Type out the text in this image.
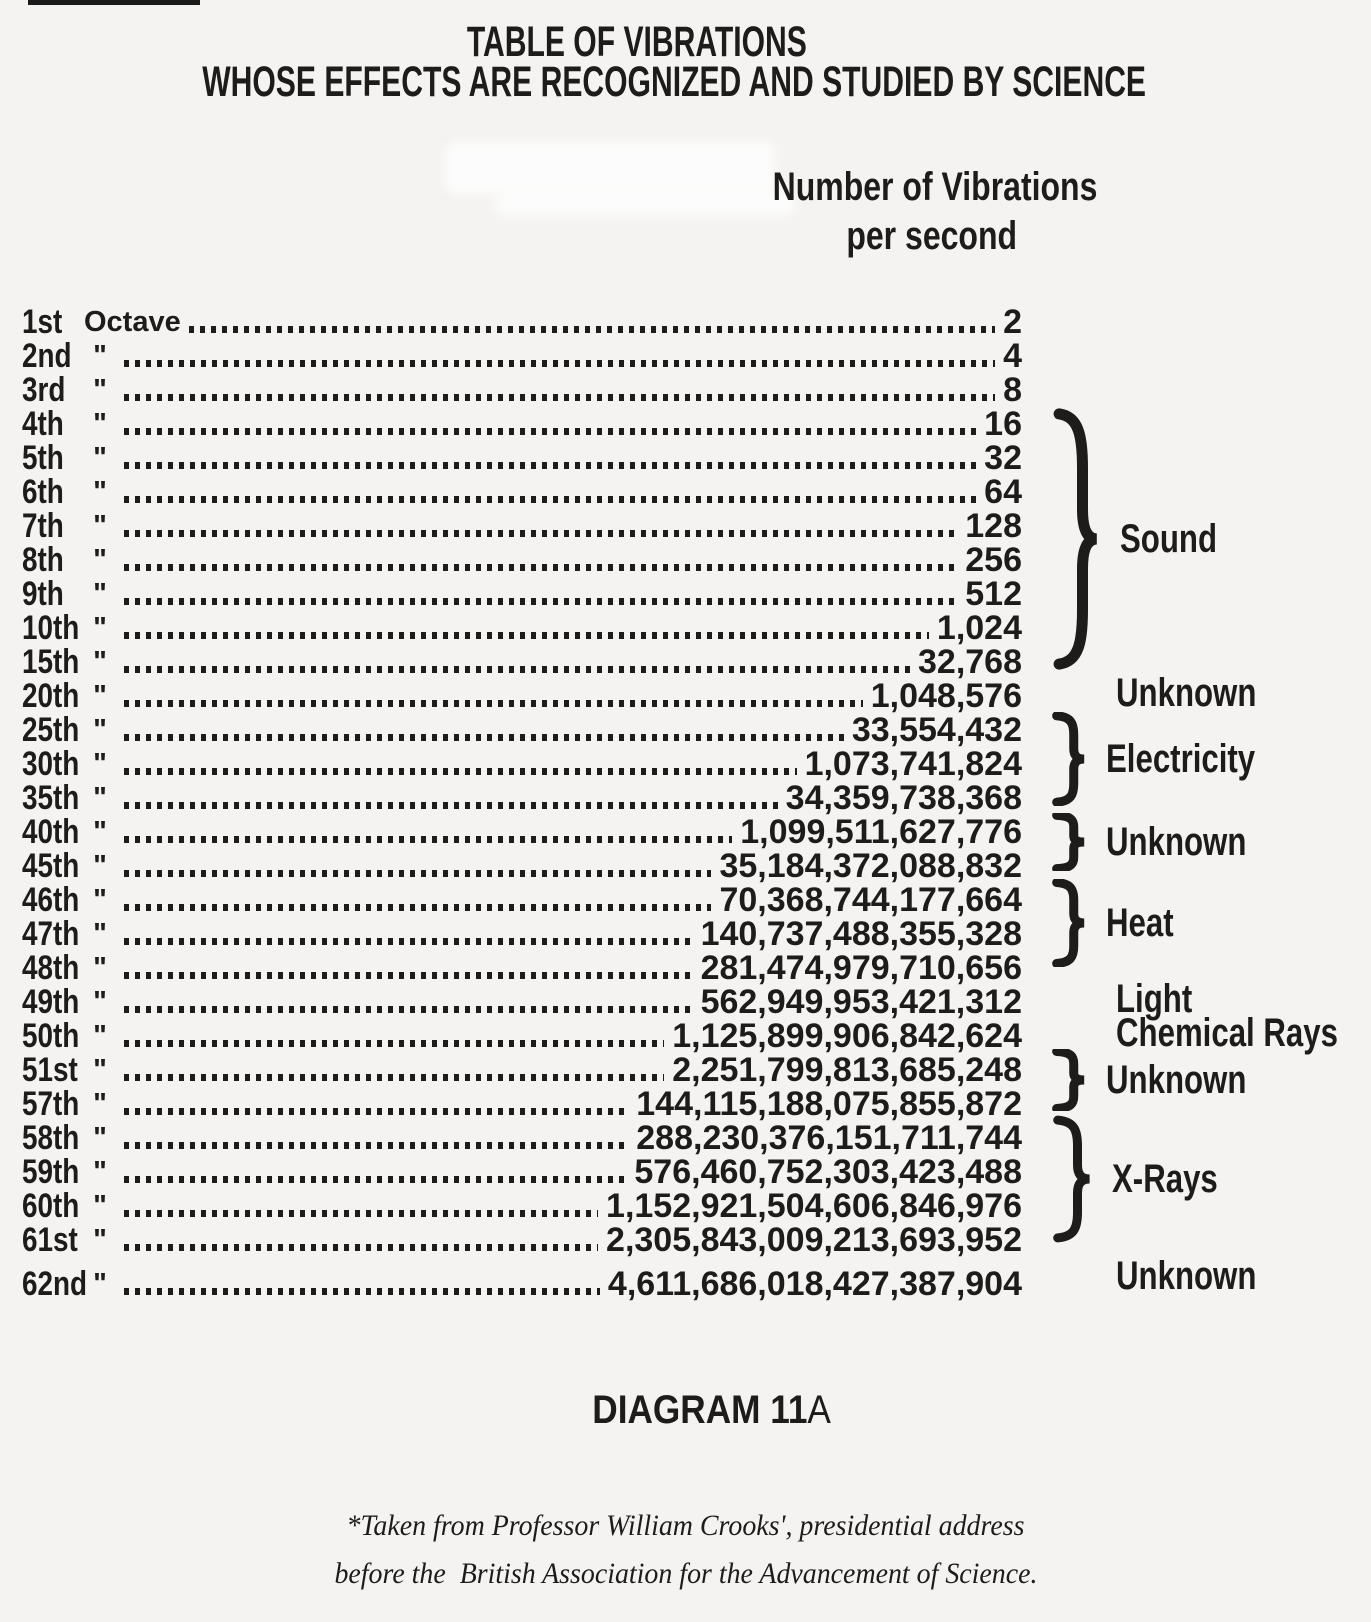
TABLE OF VIBRATIONS
WHOSE EFFECTS ARE RECOGNIZED AND STUDIED BY SCIENCE
Number of Vibrations
per second
1st Octave	2
2nd "	4
3rd "	8
4th	"	16
5th	"	32
6th	"	64
7th	"	128
8th	"	256
9th	"	512
10th "	1,024
15th "	32,768
20th "	1,048,576
25th "	33,554,432
30th "	1,073,741,824
35th "	34,359,738,368
40th "	1,099,511,627,776
45th "	35,184,372,088,832
46th "	70,368,744,177,664
47th "	140,737,488,355,328
48th "	281,474,979,710,656
49th "	562,949,953,421,312
50th "	1,125,899,906,842,624
51st "	2,251,799,813,685,248
57th "	144,115,188,075,855,872
58th "	288,230,376,151,711,744
59th "	576,460,752,303,423,488
60th "	1,152,921,504,606,846,976
61st "	2,305,843,009,213,693,952
62nd "	4,611,686,018,427,387,904
Sound
Unknown
Electricity
Unknown
Heat
Light
Chemical Rays
Unknown
X-Rays
Unknown
DIAGRAM 11A
*Taken from Professor William Crooks', presidential address
before the  British Association for the Advancement of Science.
